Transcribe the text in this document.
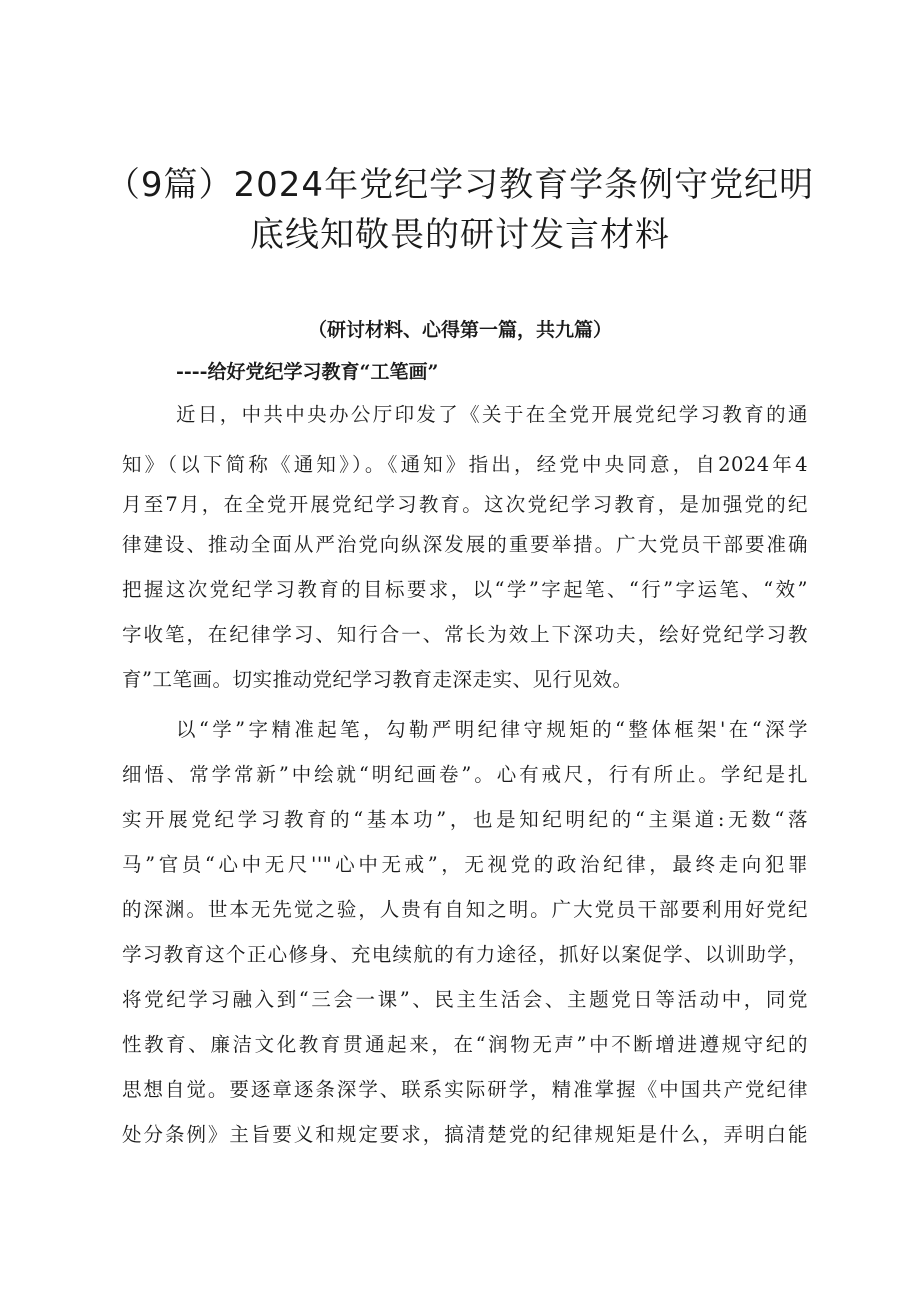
（9篇）2024年党纪学习教育学条例守党纪明
底线知敬畏的研讨发言材料
（研讨材料、心得第一篇，共九篇）
----给好党纪学习教育“工笔画”
近日，中共中央办公厅印发了《关于在全党开展党纪学习教育的通
知》（以下简称《通知》）。《通知》指出，经党中央同意，自2024年4
月至7月，在全党开展党纪学习教育。这次党纪学习教育，是加强党的纪
律建设、推动全面从严治党向纵深发展的重要举措。广大党员干部要准确
把握这次党纪学习教育的目标要求，以“学”字起笔、“行”字运笔、“效”
字收笔，在纪律学习、知行合一、常长为效上下深功夫，绘好党纪学习教
育”工笔画。切实推动党纪学习教育走深走实、见行见效。
以“学”字精准起笔，勾勒严明纪律守规矩的“整体框架'在“深学
细悟、常学常新”中绘就“明纪画卷”。心有戒尺，行有所止。学纪是扎
实开展党纪学习教育的“基本功”，也是知纪明纪的“主渠道:无数“落
马”官员“心中无尺''"心中无戒”，无视党的政治纪律，最终走向犯罪
的深渊。世本无先觉之验，人贵有自知之明。广大党员干部要利用好党纪
学习教育这个正心修身、充电续航的有力途径，抓好以案促学、以训助学，
将党纪学习融入到“三会一课”、民主生活会、主题党日等活动中，同党
性教育、廉洁文化教育贯通起来，在“润物无声”中不断增进遵规守纪的
思想自觉。要逐章逐条深学、联系实际研学，精准掌握《中国共产党纪律
处分条例》主旨要义和规定要求，搞清楚党的纪律规矩是什么，弄明白能
